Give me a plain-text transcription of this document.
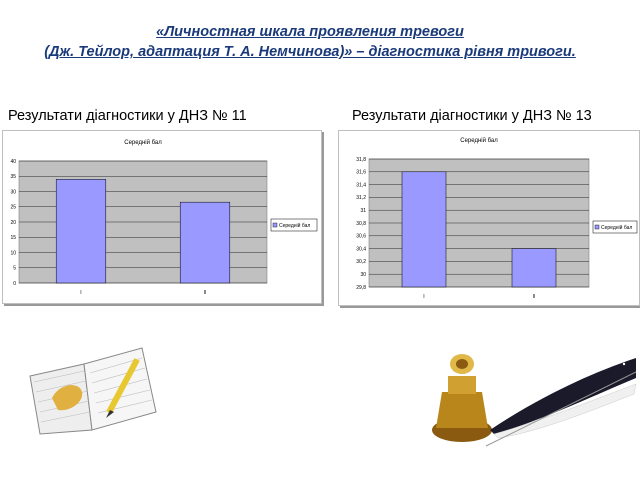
«Личностная шкала проявления тревоги
(Дж. Тейлор, адаптация Т. А. Немчинова)» – діагностика рівня тривоги.
Результати діагностики у ДНЗ № 11	Результати діагностики у ДНЗ № 13
Середній бал
0
5
10
15
20
25
30
35
40
I	II
Середній бал
Середній бал
29,8
30
30,2
30,4
30,6
30,8
31
31,2
31,4
31,6
31,8
I	II
Середній бал
